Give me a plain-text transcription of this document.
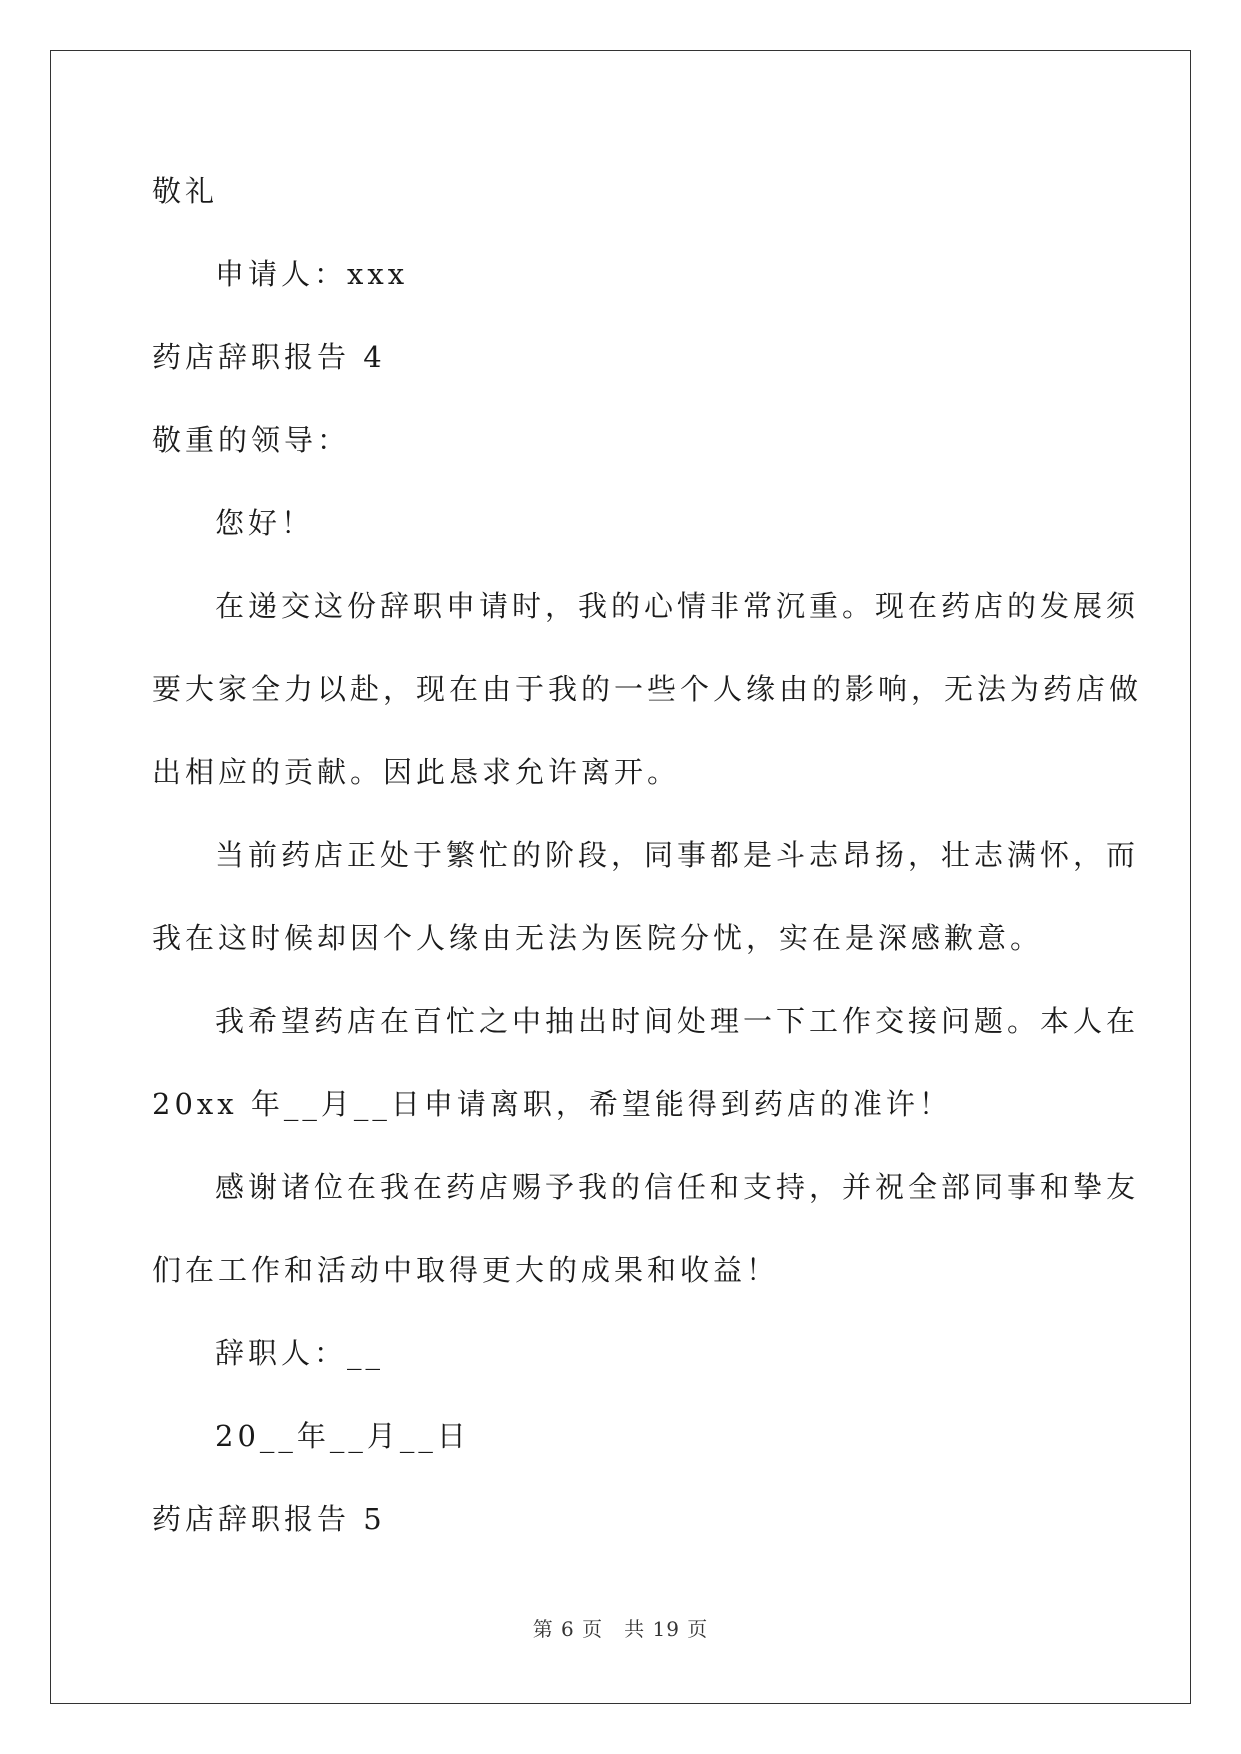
敬礼
申请人：xxx
药店辞职报告 4
敬重的领导：
您好！
在递交这份辞职申请时，我的心情非常沉重。现在药店的发展须
要大家全力以赴，现在由于我的一些个人缘由的影响，无法为药店做
出相应的贡献。因此恳求允许离开。
当前药店正处于繁忙的阶段，同事都是斗志昂扬，壮志满怀，而
我在这时候却因个人缘由无法为医院分忧，实在是深感歉意。
我希望药店在百忙之中抽出时间处理一下工作交接问题。本人在
20xx 年__月__日申请离职，希望能得到药店的准许！
感谢诸位在我在药店赐予我的信任和支持，并祝全部同事和挚友
们在工作和活动中取得更大的成果和收益！
辞职人：__
20__年__月__日
药店辞职报告 5
第 6 页　共 19 页
